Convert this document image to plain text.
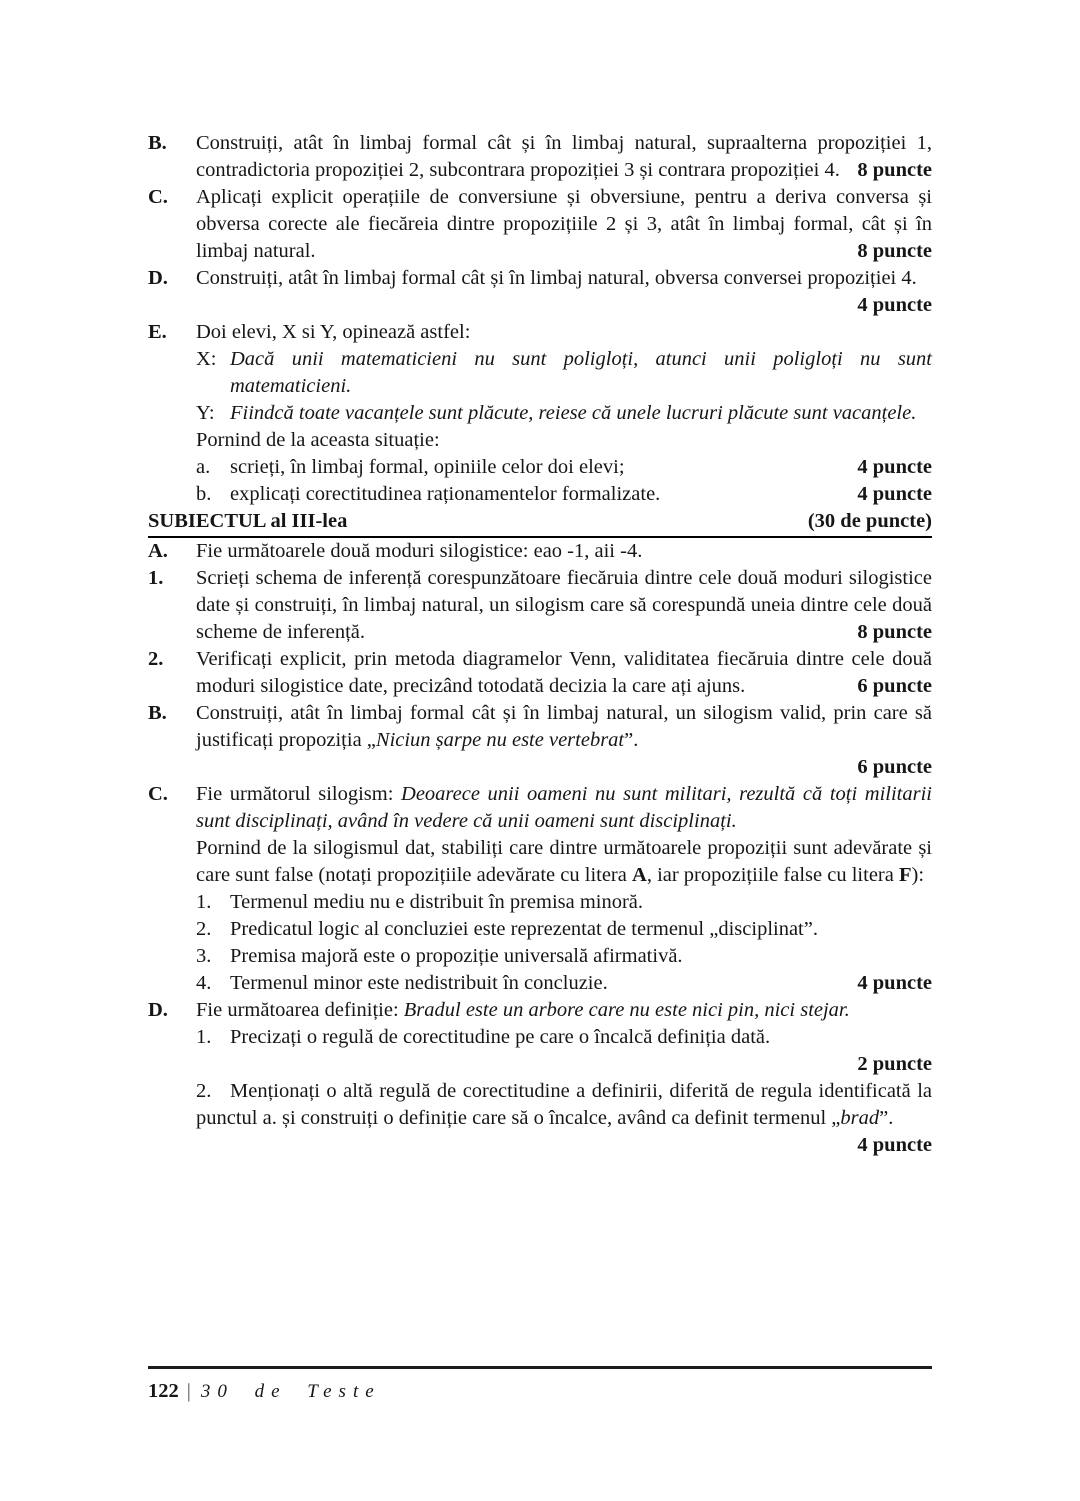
B.	Construiți, atât în limbaj formal cât și în limbaj natural, supraalterna propoziției 1, contradictoria propoziției 2, subcontrara propoziției 3 și contrara propoziției 4. 8 puncte

C.	Aplicați explicit operațiile de conversiune și obversiune, pentru a deriva conversa și obversa corecte ale fiecăreia dintre propozițiile 2 și 3, atât în limbaj formal, cât și în limbaj natural.	8 puncte

D.	Construiți, atât în limbaj formal cât și în limbaj natural, obversa conversei propoziției 4.
4 puncte

E.	Doi elevi, X si Y, opinează astfel:

X: Dacă unii matematicieni nu sunt poligloți, atunci unii poligloți nu sunt matematicieni.

Y: Fiindcă toate vacanțele sunt plăcute, reiese că unele lucruri plăcute sunt vacanțele.

Pornind de la aceasta situație:

a. scrieți, în limbaj formal, opiniile celor doi elevi;	4 puncte

b. explicați corectitudinea raționamentelor formalizate.	4 puncte

SUBIECTUL al III-lea	(30 de puncte)
A.	Fie următoarele două moduri silogistice: eao -1, aii -4.

1.	Scrieți schema de inferență corespunzătoare fiecăruia dintre cele două moduri silogistice date și construiți, în limbaj natural, un silogism care să corespundă uneia dintre cele două scheme de inferență.	8 puncte

2.	Verificați explicit, prin metoda diagramelor Venn, validitatea fiecăruia dintre cele două moduri silogistice date, precizând totodată decizia la care ați ajuns.	6 puncte

B.	Construiți, atât în limbaj formal cât și în limbaj natural, un silogism valid, prin care să justificați propoziția „Niciun șarpe nu este vertebrat”.

6 puncte

C.	Fie următorul silogism: Deoarece unii oameni nu sunt militari, rezultă că toți militarii sunt disciplinați, având în vedere că unii oameni sunt disciplinați.

Pornind de la silogismul dat, stabiliți care dintre următoarele propoziții sunt adevărate și care sunt false (notați propozițiile adevărate cu litera A, iar propozițiile false cu litera F):

1. Termenul mediu nu e distribuit în premisa minoră.

2. Predicatul logic al concluziei este reprezentat de termenul „disciplinat”.

3. Premisa majoră este o propoziție universală afirmativă.

4. Termenul minor este nedistribuit în concluzie.	4 puncte

D.	Fie următoarea definiție: Bradul este un arbore care nu este nici pin, nici stejar.

1. Precizați o regulă de corectitudine pe care o încalcă definiția dată.

2 puncte

2. Menționați o altă regulă de corectitudine a definirii, diferită de regula identificată la punctul a. și construiți o definiție care să o încalce, având ca definit termenul „brad”.
4 puncte

122 | 30 de Teste
